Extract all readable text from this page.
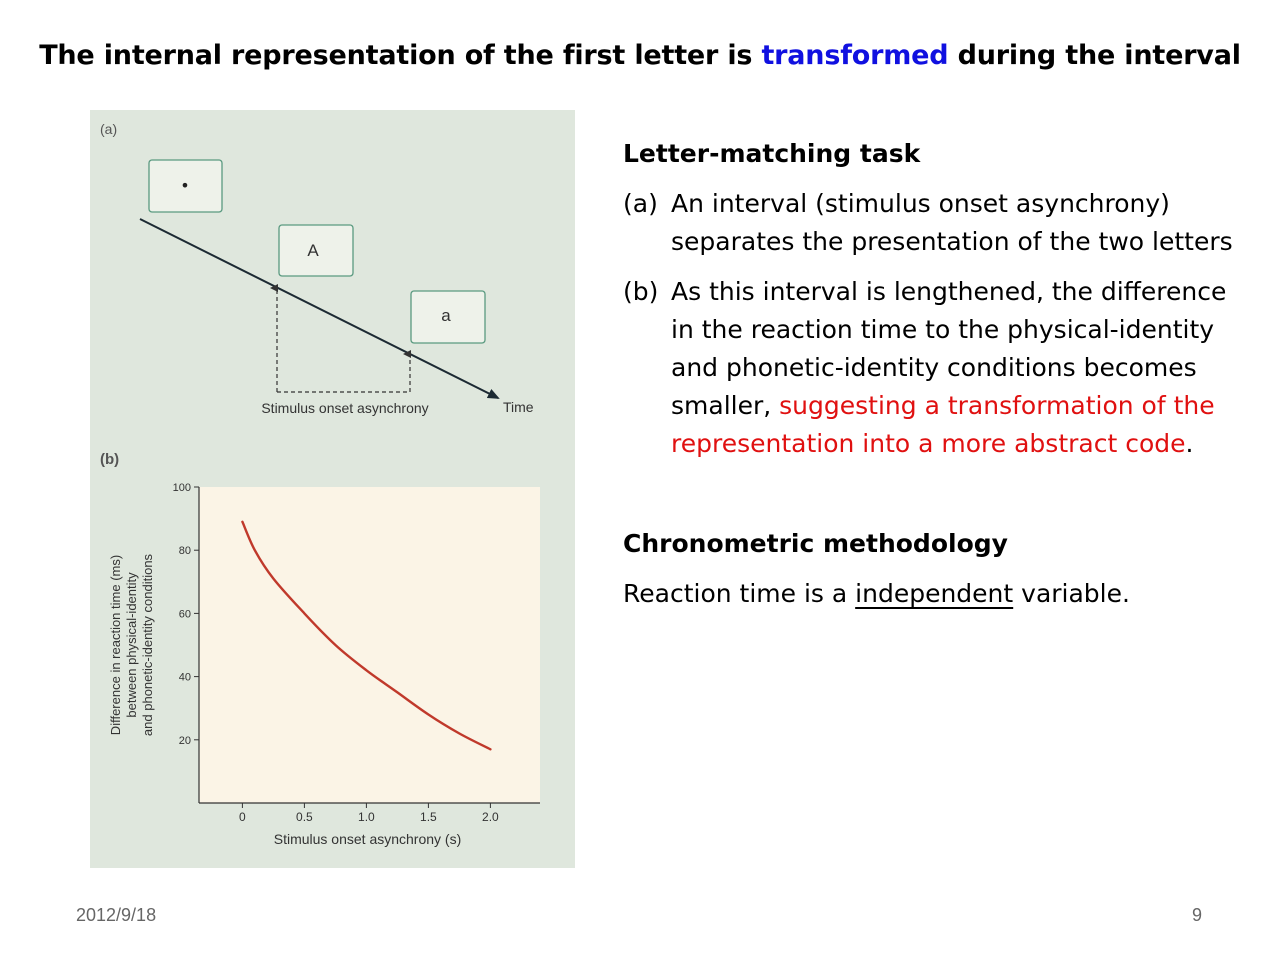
The internal representation of the first letter is transformed during the interval
(a)
•
A
a
Stimulus onset asynchrony	Time
(b)
20
40
60
80
100
0	0.5	1.0	1.5	2.0
Stimulus onset asynchrony (s)
Difference in reaction time (ms) between physical-identity and phonetic-identity conditions
Letter-matching task
(a) An interval (stimulus onset asynchrony) separates the presentation of the two letters
(b) As this interval is lengthened, the difference in the reaction time to the physical-identity and phonetic-identity conditions becomes smaller, suggesting a transformation of the representation into a more abstract code.
Chronometric methodology
Reaction time is a independent variable.
2012/9/18	9
